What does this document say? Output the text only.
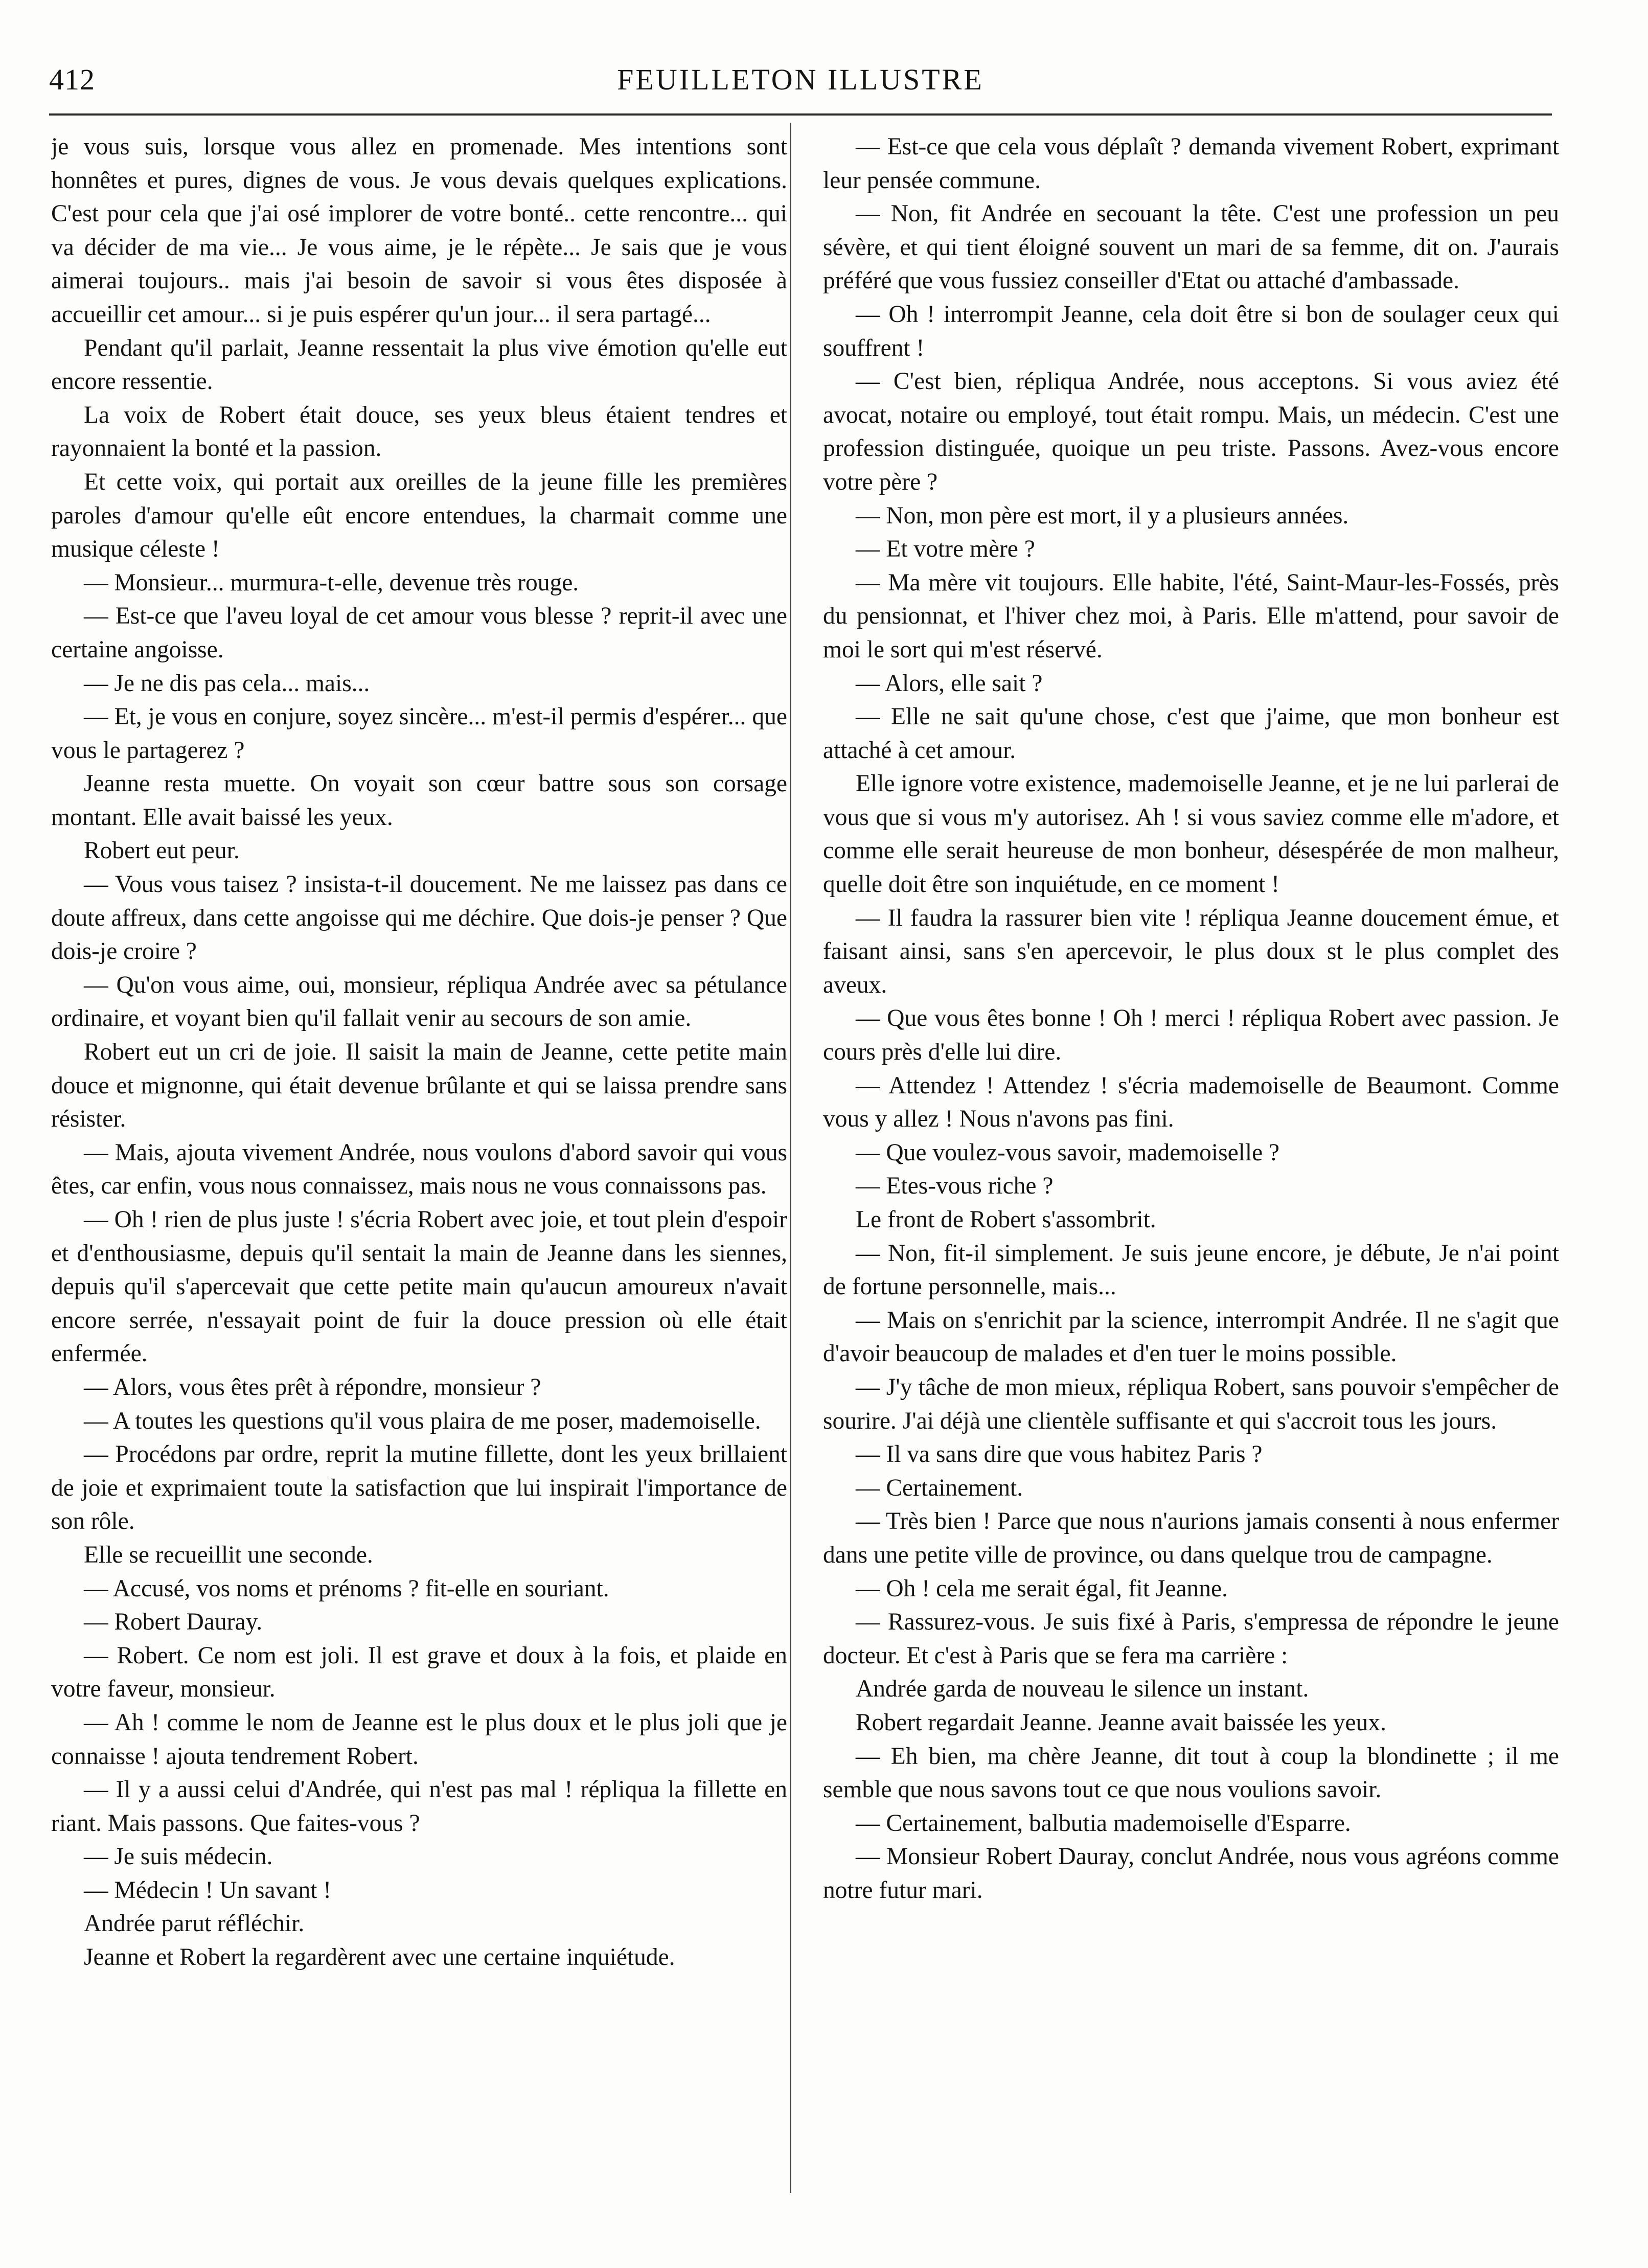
412	FEUILLETON ILLUSTRE

je vous suis, lorsque vous allez en promenade. Mes intentions sont honnêtes et pures, dignes de vous. Je vous devais quelques explications. C'est pour cela que j'ai osé implorer de votre bonté.. cette rencontre... qui va décider de ma vie... Je vous aime, je le répète... Je sais que je vous aimerai toujours.. mais j'ai besoin de savoir si vous êtes disposée à accueillir cet amour... si je puis espérer qu'un jour... il sera partagé...

Pendant qu'il parlait, Jeanne ressentait la plus vive émotion qu'elle eut encore ressentie.

La voix de Robert était douce, ses yeux bleus étaient tendres et rayonnaient la bonté et la passion.

Et cette voix, qui portait aux oreilles de la jeune fille les premières paroles d'amour qu'elle eût encore entendues, la charmait comme une musique céleste !

— Monsieur... murmura-t-elle, devenue très rouge.

— Est-ce que l'aveu loyal de cet amour vous blesse ? reprit-il avec une certaine angoisse.

— Je ne dis pas cela... mais...

— Et, je vous en conjure, soyez sincère... m'est-il permis d'espérer... que vous le partagerez ?

Jeanne resta muette. On voyait son cœur battre sous son corsage montant. Elle avait baissé les yeux.

Robert eut peur.

— Vous vous taisez ? insista-t-il doucement. Ne me laissez pas dans ce doute affreux, dans cette angoisse qui me déchire. Que dois-je penser ? Que dois-je croire ?

— Qu'on vous aime, oui, monsieur, répliqua Andrée avec sa pétulance ordinaire, et voyant bien qu'il fallait venir au secours de son amie.

Robert eut un cri de joie. Il saisit la main de Jeanne, cette petite main douce et mignonne, qui était devenue brûlante et qui se laissa prendre sans résister.

— Mais, ajouta vivement Andrée, nous voulons d'abord savoir qui vous êtes, car enfin, vous nous connaissez, mais nous ne vous connaissons pas.

— Oh ! rien de plus juste ! s'écria Robert avec joie, et tout plein d'espoir et d'enthousiasme, depuis qu'il sentait la main de Jeanne dans les siennes, depuis qu'il s'apercevait que cette petite main qu'aucun amoureux n'avait encore serrée, n'essayait point de fuir la douce pression où elle était enfermée.

— Alors, vous êtes prêt à répondre, monsieur ?

— A toutes les questions qu'il vous plaira de me poser, mademoiselle.

— Procédons par ordre, reprit la mutine fillette, dont les yeux brillaient de joie et exprimaient toute la satisfaction que lui inspirait l'importance de son rôle.

Elle se recueillit une seconde.

— Accusé, vos noms et prénoms ? fit-elle en souriant.

— Robert Dauray.

— Robert. Ce nom est joli. Il est grave et doux à la fois, et plaide en votre faveur, monsieur.

— Ah ! comme le nom de Jeanne est le plus doux et le plus joli que je connaisse ! ajouta tendrement Robert.

— Il y a aussi celui d'Andrée, qui n'est pas mal ! répliqua la fillette en riant. Mais passons. Que faites-vous ?

— Je suis médecin.

— Médecin ! Un savant !

Andrée parut réfléchir.

Jeanne et Robert la regardèrent avec une certaine inquiétude.

— Est-ce que cela vous déplaît ? demanda vivement Robert, exprimant leur pensée commune.

— Non, fit Andrée en secouant la tête. C'est une profession un peu sévère, et qui tient éloigné souvent un mari de sa femme, dit on. J'aurais préféré que vous fussiez conseiller d'Etat ou attaché d'ambassade.

— Oh ! interrompit Jeanne, cela doit être si bon de soulager ceux qui souffrent !

— C'est bien, répliqua Andrée, nous acceptons. Si vous aviez été avocat, notaire ou employé, tout était rompu. Mais, un médecin. C'est une profession distinguée, quoique un peu triste. Passons. Avez-vous encore votre père ?

— Non, mon père est mort, il y a plusieurs années.

— Et votre mère ?

— Ma mère vit toujours. Elle habite, l'été, Saint-Maur-les-Fossés, près du pensionnat, et l'hiver chez moi, à Paris. Elle m'attend, pour savoir de moi le sort qui m'est réservé.

— Alors, elle sait ?

— Elle ne sait qu'une chose, c'est que j'aime, que mon bonheur est attaché à cet amour.

Elle ignore votre existence, mademoiselle Jeanne, et je ne lui parlerai de vous que si vous m'y autorisez. Ah ! si vous saviez comme elle m'adore, et comme elle serait heureuse de mon bonheur, désespérée de mon malheur, quelle doit être son inquiétude, en ce moment !

— Il faudra la rassurer bien vite ! répliqua Jeanne doucement émue, et faisant ainsi, sans s'en apercevoir, le plus doux st le plus complet des aveux.

— Que vous êtes bonne ! Oh ! merci ! répliqua Robert avec passion. Je cours près d'elle lui dire.

— Attendez ! Attendez ! s'écria mademoiselle de Beaumont. Comme vous y allez ! Nous n'avons pas fini.

— Que voulez-vous savoir, mademoiselle ?

— Etes-vous riche ?

Le front de Robert s'assombrit.

— Non, fit-il simplement. Je suis jeune encore, je débute, Je n'ai point de fortune personnelle, mais...

— Mais on s'enrichit par la science, interrompit Andrée. Il ne s'agit que d'avoir beaucoup de malades et d'en tuer le moins possible.

— J'y tâche de mon mieux, répliqua Robert, sans pouvoir s'empêcher de sourire. J'ai déjà une clientèle suffisante et qui s'accroit tous les jours.

— Il va sans dire que vous habitez Paris ?

— Certainement.

— Très bien ! Parce que nous n'aurions jamais consenti à nous enfermer dans une petite ville de province, ou dans quelque trou de campagne.

— Oh ! cela me serait égal, fit Jeanne.

— Rassurez-vous. Je suis fixé à Paris, s'empressa de répondre le jeune docteur. Et c'est à Paris que se fera ma carrière :

Andrée garda de nouveau le silence un instant.

Robert regardait Jeanne. Jeanne avait baissée les yeux.

— Eh bien, ma chère Jeanne, dit tout à coup la blondinette ; il me semble que nous savons tout ce que nous voulions savoir.

— Certainement, balbutia mademoiselle d'Esparre.

— Monsieur Robert Dauray, conclut Andrée, nous vous agréons comme notre futur mari.
